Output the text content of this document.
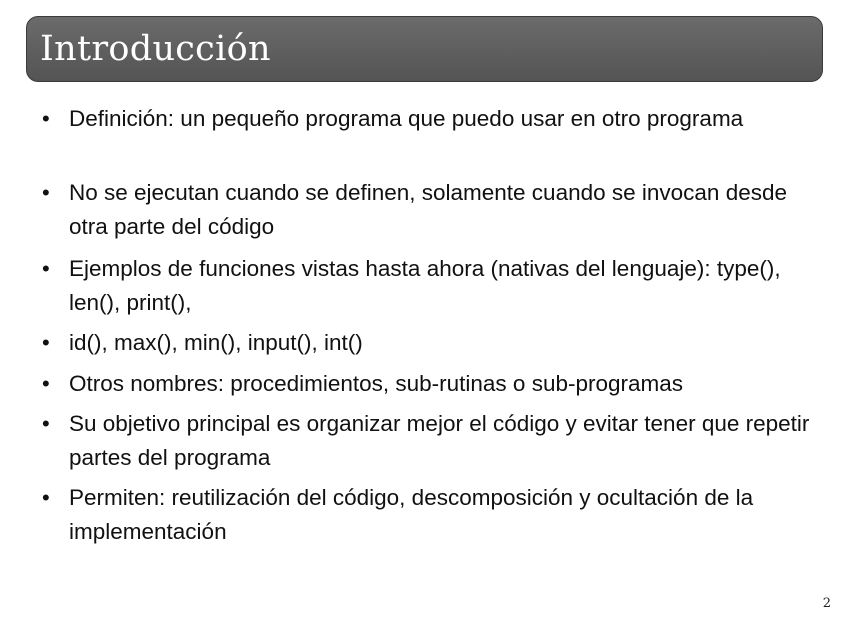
Introducción
• Definición: un pequeño programa que puedo usar en otro programa
• No se ejecutan cuando se definen, solamente cuando se invocan desde otra parte del código
• Ejemplos de funciones vistas hasta ahora (nativas del lenguaje): type(), len(), print(),
• id(), max(), min(), input(), int()
• Otros nombres: procedimientos, sub-rutinas o sub-programas
• Su objetivo principal es organizar mejor el código y evitar tener que repetir partes del programa
• Permiten: reutilización del código, descomposición y ocultación de la implementación
2
